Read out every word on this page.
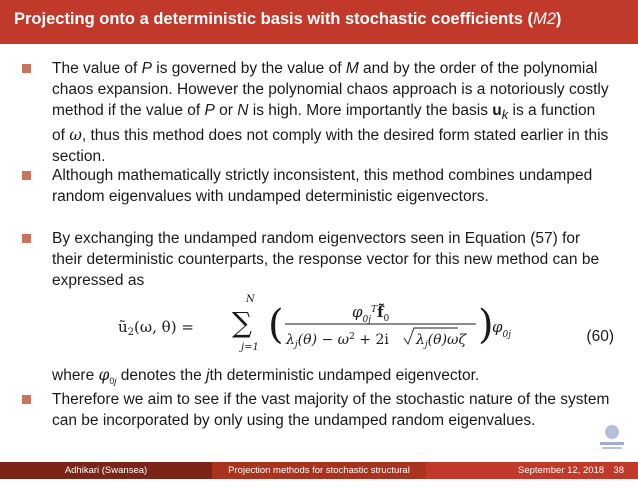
Projecting onto a deterministic basis with stochastic coefficients (M2)

The value of P is governed by the value of M and by the order of the polynomial chaos expansion. However the polynomial chaos approach is a notoriously costly method if the value of P or N is high. More importantly the basis $u_k$ is a function of ω, thus this method does not comply with the desired form stated earlier in this section.

Although mathematically strictly inconsistent, this method combines undamped random eigenvalues with undamped deterministic eigenvectors.

By exchanging the undamped random eigenvectors seen in Equation (57) for their deterministic counterparts, the response vector for this new method can be expressed as

$ũ_2(\omega$, θ) =
N
∑
j=1 (	$\varphi_{0j}^Tf̃_0$
$\lambda_j(\theta) - \omega^2 + 2i$ $\lambda_j(\theta)\omega\zeta$ )
$\varphi_{0j}$	(60)
where $\varphi_{0j}$ denotes the jth deterministic undamped eigenvector.

Therefore we aim to see if the vast majority of the stochastic nature of the system can be incorporated by only using the undamped random eigenvalues.

Adhikari (Swansea)	Projection methods for stochastic structural dynamics
September 12, 2018 38
